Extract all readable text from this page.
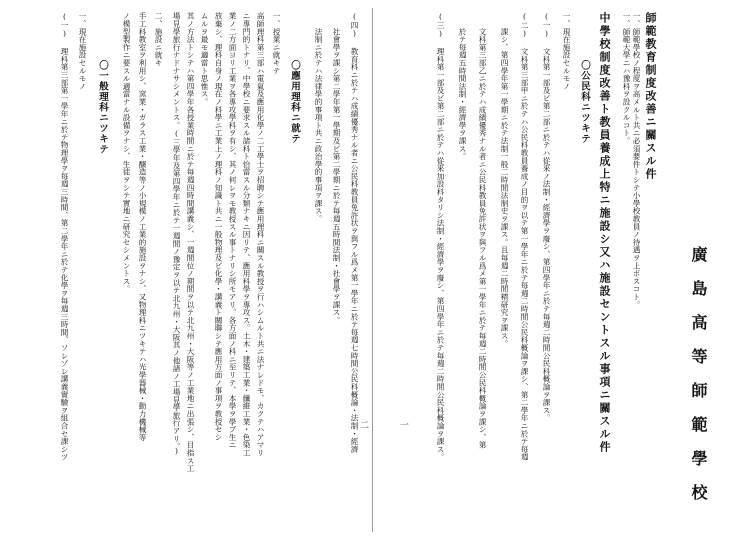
廣島高等師範學校
師範教育制度改善ニ關スル件
一、師範學校ノ程度ヲ高メルト共ニ必須要件トシテ小學校教員ノ待遇ヲ上ボスコト。
一、師範大學ニハ豫科ヲ設クルコト。
中學校制度改善ト教員養成上特ニ施設シ又ハ施設セントスル事項ニ關スル件
〇公民科ニツキテ
一、現在施設セルモノ
(一) 文科第一部及ビ第二部ニ於テハ從來ノ法制・經濟學ヲ廢シ、第四學年ニ於テ每週二時間公民科概論ヲ課ス。
(二) 文科第三部甲ニ於テハ公民科教員養成ノ目的ヲ以テ第一學年ニ於テ每週二時間公民科概論ヲ課シ、第二學年ニ於テ每週
　　課シ、第四學年第一學期ニ於テ法制一般二時間法制史ヲ課ス。且每週二時間精研究ヲ課ス。
　　文科第三部乙ニ於テハ成績優秀ナル者ニ公民科教員免許状ヲ與フル爲メ第一學年ニ於テ每週二時間公民科概論ヲ課シ、第
　　於テ每週五時間法制・經濟學ヲ課ス。
(三) 理科第一部及ビ第二部ニ於テハ從來加設科タリシ法制・經濟學ヲ廢シ、第四學年ニ於テ每週二時間公民科概論ヲ課ス。
一
(四) 教育科ニ於テハ成績優秀ナル者ニ公民科教員免許状ヲ與フル爲メ第一學年ニ於テ每週七時間公民科概論・法制・經濟
　　社會學ヲ課シ第二學年第一學期及ビ第二學期ニ於テ每週五時間法制・社會學ヲ課ス。
　　法制ニ於テハ法律學的事項ト共ニ政治學的事項ヲ課ス。
〇應用理科ニ就テ
一、授業ニ就キテ
高師理科第三部ハ電氣及應用化學ノ二工學士ヲ招聘シテ應用理科ニ關スル教授ヲ行ハシムルト共ニ法ナレドモ、カクテハアマリ
ニ專門的トナリ、中學校ニ要求スル諸科ト恰當スル分類ナキニ因リテ、應用科學ヲ專攻ス。土木・建築工業・纖維工業・色染工
業ノ二方面ヨリ工業ヲ各專攻學科ヲ有シ、其ノ何レヲモ教授スル事トナリシ所モアリ。各方面ノ科ニ至リテ、本學ヲ學ブ生ニ
放棄シ、理科自身ノ現在ノ科學ニ工業上ノ理科ノ知識ト共ニ一般物理及ビ化學・講義ト關聯シテ應用方面ノ事項ヲ教授セシ
ムルヲ最モ適當ト思惟ス。
其ノ方法トシテハ第四學年各授業時間ニ於テ每週四時間講義シ、一週間位ノ期間ヲ以テ北九州・大阪等ノ工業地ニ出張シ、目指ス工
場見學旅行ナドナサシメントス。(三學年及第四學年ニ於テ一週間ノ豫定ヲ以テ北九州・大阪其ノ他諸ノ工場見學旅行アリ。)
二、施設ニ就キ
手工科教室ヲ利用シ、窯業・ガラス工業・醸造等ノ小規模ノ工業的施設ヲナシ、又物理科ニツキテハ光學器械・動力機械等
ノ模型製作ニ要スル適當ナル設備ヲナシ、生徒ヲシテ實地ニ研究セシメントス。
〇一般理科ニツキテ
一、現在施設セルモノ
(一) 理科第三部第一學年ニ於テ物理學ヲ每週三時間、第二學年ニ於テ化學ヲ每週三時間、ソレゾレ講義實驗ヲ組合セ課シツ	二
